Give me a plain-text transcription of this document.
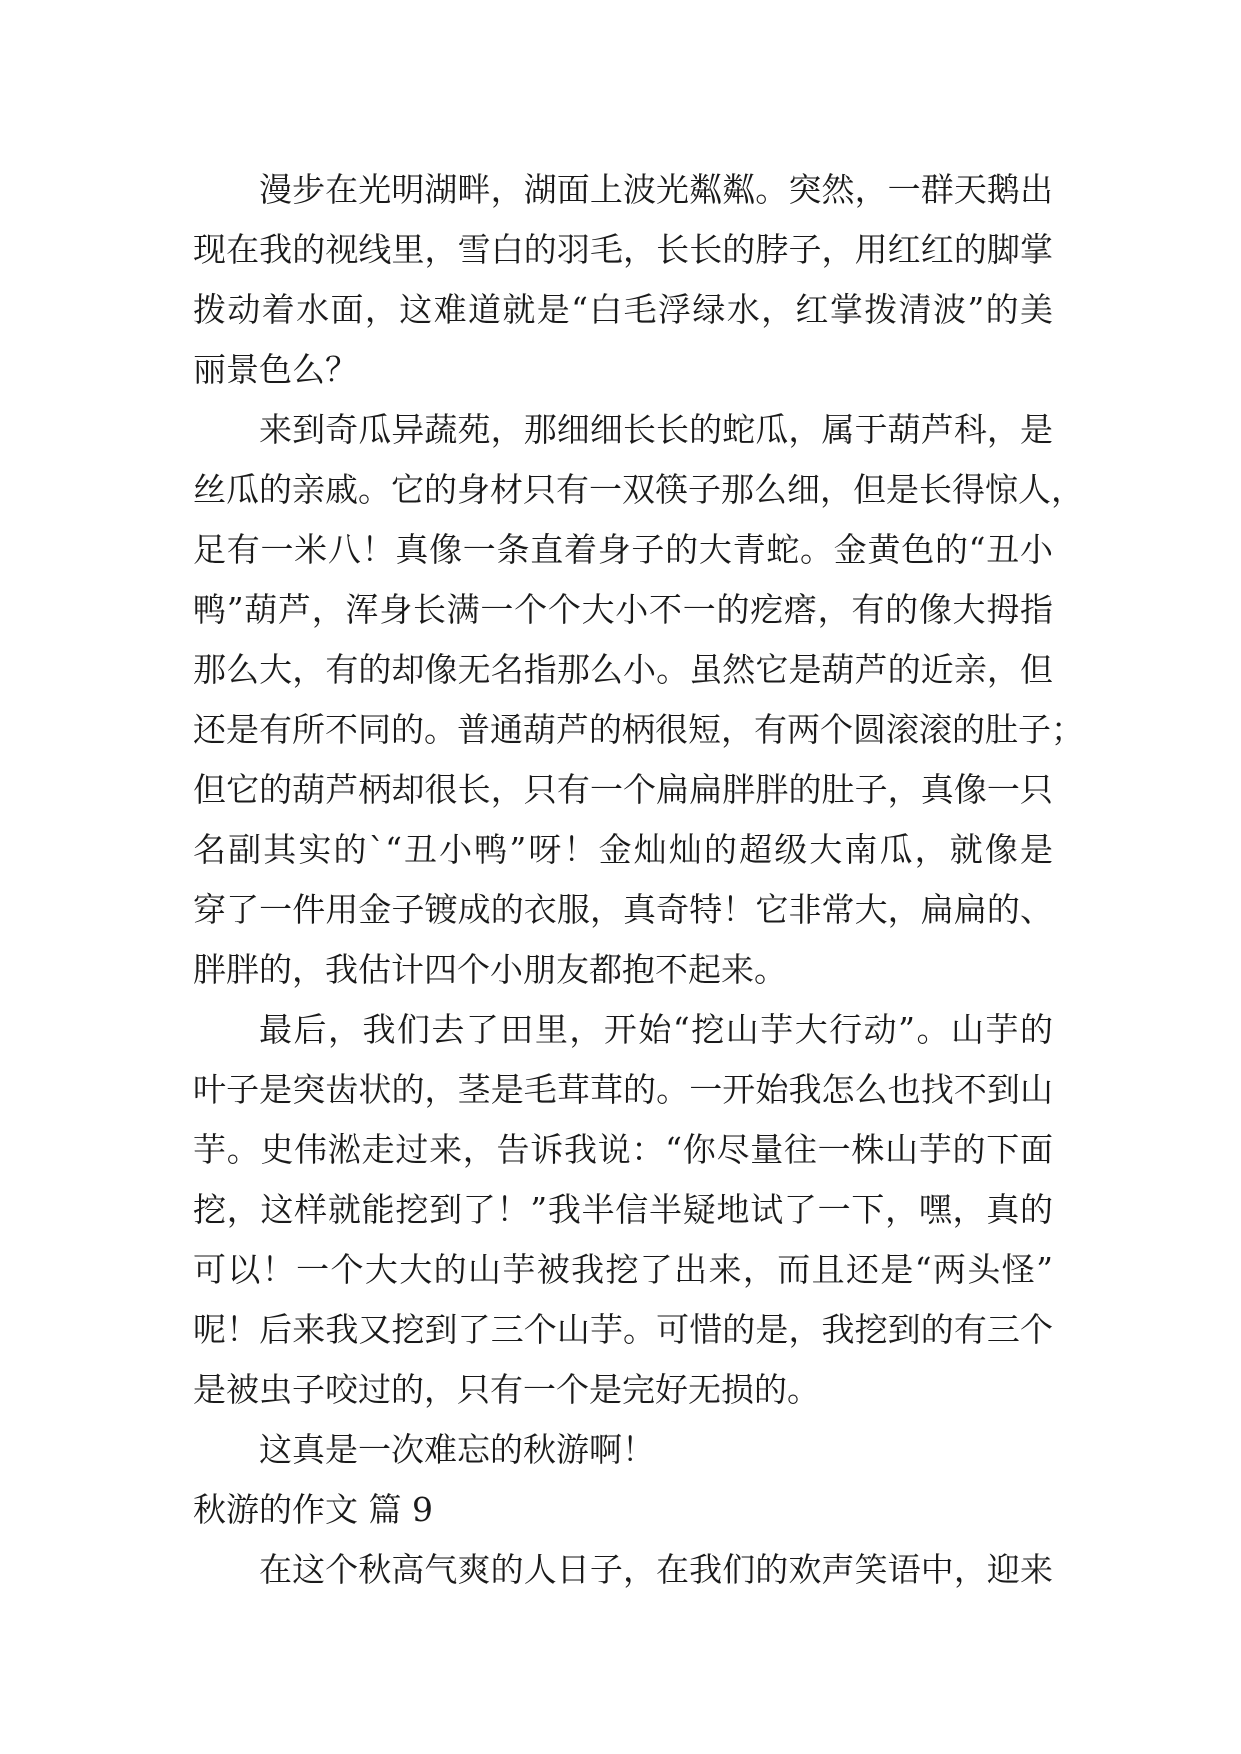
漫步在光明湖畔，湖面上波光粼粼。突然，一群天鹅出
现在我的视线里，雪白的羽毛，长长的脖子，用红红的脚掌
拨动着水面，这难道就是“白毛浮绿水，红掌拨清波”的美
丽景色么？
来到奇瓜异蔬苑，那细细长长的蛇瓜，属于葫芦科，是
丝瓜的亲戚。它的身材只有一双筷子那么细，但是长得惊人，
足有一米八！真像一条直着身子的大青蛇。金黄色的“丑小
鸭”葫芦，浑身长满一个个大小不一的疙瘩，有的像大拇指
那么大，有的却像无名指那么小。虽然它是葫芦的近亲，但
还是有所不同的。普通葫芦的柄很短，有两个圆滚滚的肚子；
但它的葫芦柄却很长，只有一个扁扁胖胖的肚子，真像一只
名副其实的`“丑小鸭”呀！金灿灿的超级大南瓜，就像是
穿了一件用金子镀成的衣服，真奇特！它非常大，扁扁的、
胖胖的，我估计四个小朋友都抱不起来。
最后，我们去了田里，开始“挖山芋大行动”。山芋的
叶子是突齿状的，茎是毛茸茸的。一开始我怎么也找不到山
芋。史伟淞走过来，告诉我说：“你尽量往一株山芋的下面
挖，这样就能挖到了！”我半信半疑地试了一下，嘿，真的
可以！一个大大的山芋被我挖了出来，而且还是“两头怪”
呢！后来我又挖到了三个山芋。可惜的是，我挖到的有三个
是被虫子咬过的，只有一个是完好无损的。
这真是一次难忘的秋游啊！
秋游的作文 篇 9
在这个秋高气爽的人日子，在我们的欢声笑语中，迎来
